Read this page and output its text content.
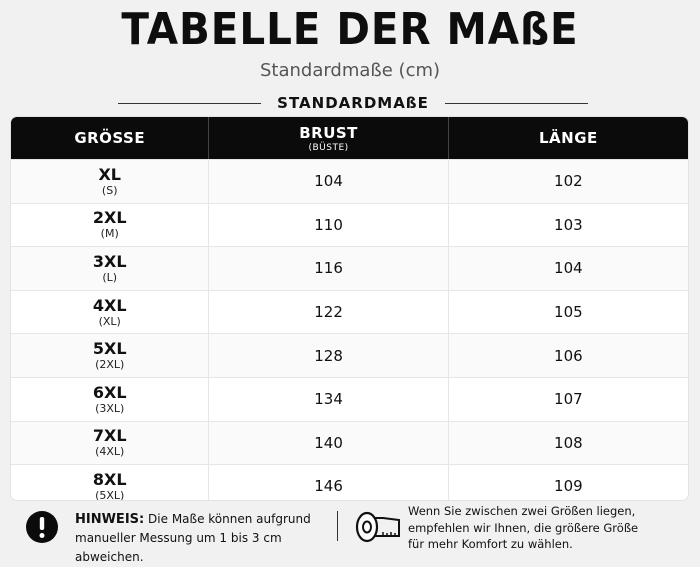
TABELLE DER MAßE
Standardmaße (cm)
STANDARDMAßE
GRÖSSE	BRUST
(BÜSTE)
LÄNGE
XL
(S)	104	102
2XL
(M)	110	103
3XL
(L)	116	104
4XL
(XL)	122	105
5XL
(2XL)	128	106
6XL
(3XL)	134	107
7XL
(4XL)	140	108
8XL
(5XL)	146	109
HINWEIS: Die Maße können aufgrund
manueller Messung um 1 bis 3 cm abweichen.
Wenn Sie zwischen zwei Größen liegen,
empfehlen wir Ihnen, die größere Größe
für mehr Komfort zu wählen.
